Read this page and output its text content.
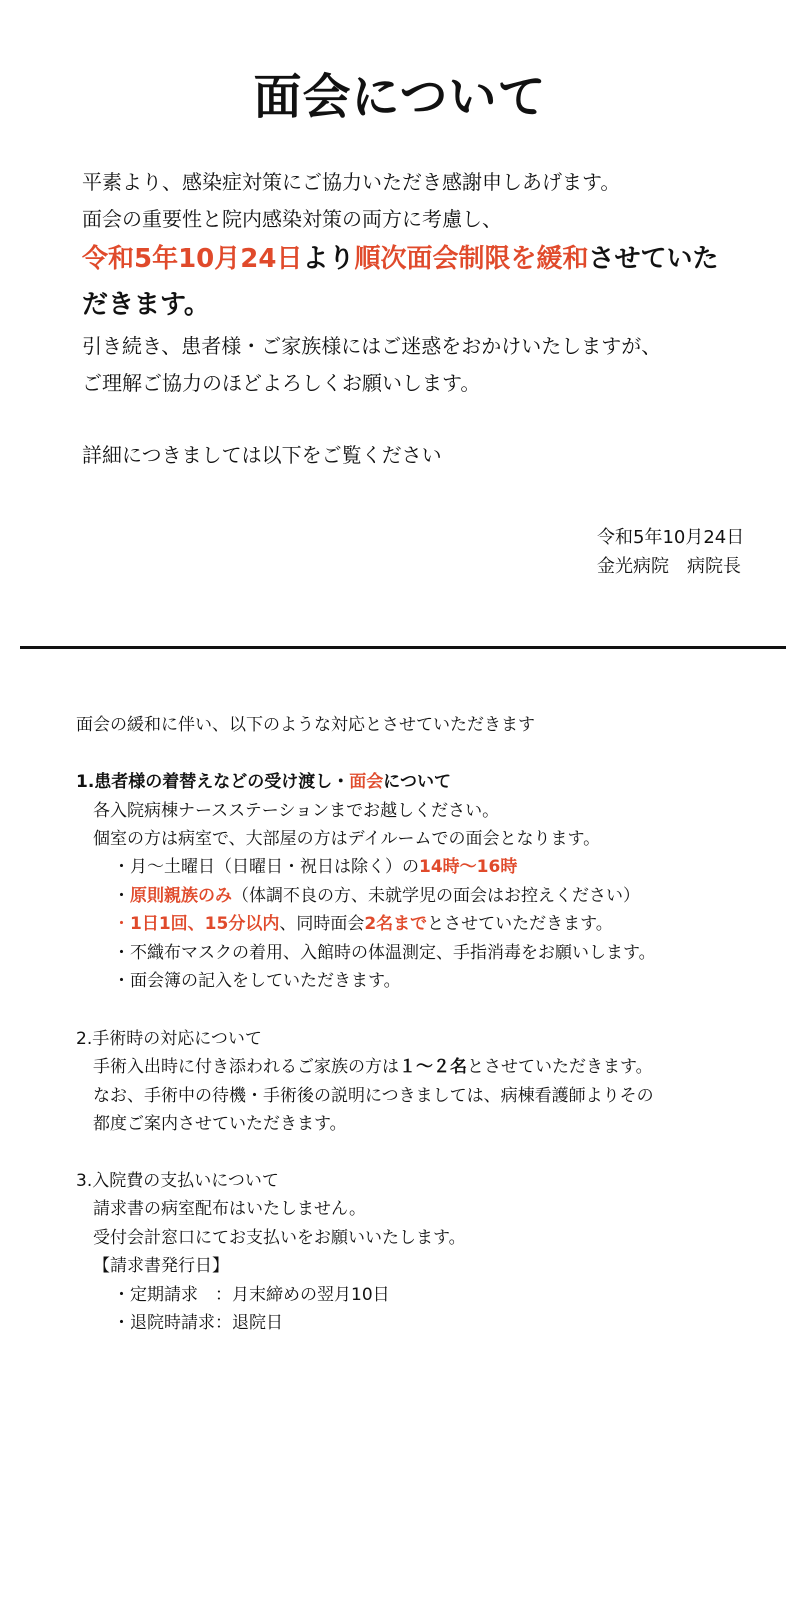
面会について
平素より、感染症対策にご協力いただき感謝申しあげます。
面会の重要性と院内感染対策の両方に考慮し、
令和5年10月24日より順次面会制限を緩和させていただきます。
引き続き、患者様・ご家族様にはご迷惑をおかけいたしますが、
ご理解ご協力のほどよろしくお願いします。
詳細につきましては以下をご覧ください
令和5年10月24日
金光病院　病院長
面会の緩和に伴い、以下のような対応とさせていただきます
1.患者様の着替えなどの受け渡し・面会について
各入院病棟ナースステーションまでお越しください。
個室の方は病室で、大部屋の方はデイルームでの面会となります。
・月～土曜日（日曜日・祝日は除く）の14時～16時
・原則親族のみ（体調不良の方、未就学児の面会はお控えください）
・1日1回、15分以内、同時面会2名までとさせていただきます。
・不織布マスクの着用、入館時の体温測定、手指消毒をお願いします。
・面会簿の記入をしていただきます。
2.手術時の対応について
手術入出時に付き添われるご家族の方は１～２名とさせていただきます。
なお、手術中の待機・手術後の説明につきましては、病棟看護師よりその
都度ご案内させていただきます。
3.入院費の支払いについて
請求書の病室配布はいたしません。
受付会計窓口にてお支払いをお願いいたします。
【請求書発行日】
・定期請求　：月末締めの翌月10日
・退院時請求：退院日
